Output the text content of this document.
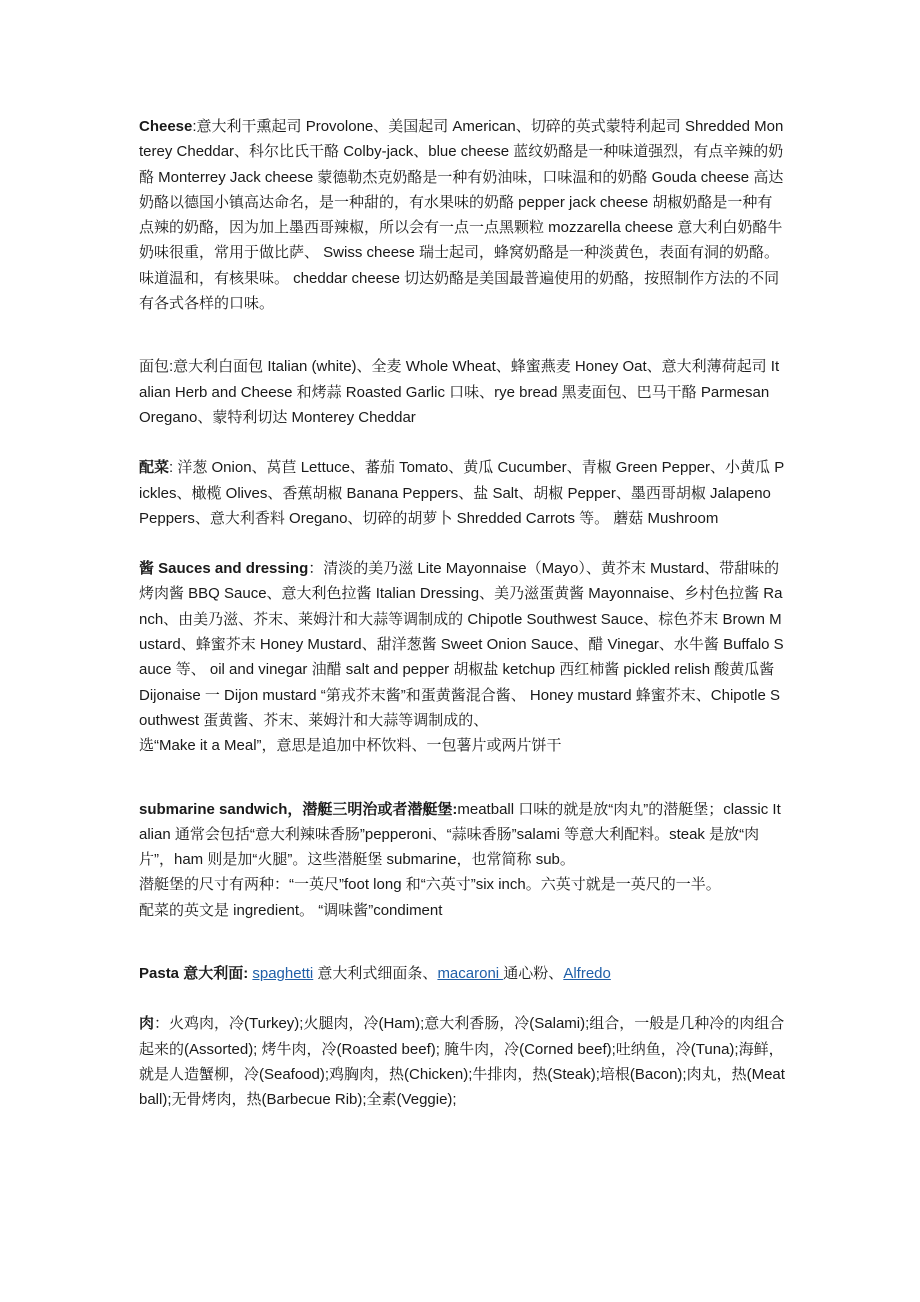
Cheese:意大利干熏起司 Provolone、美国起司 American、切碎的英式蒙特利起司 Shredded Monterey Cheddar、科尔比氏干酪 Colby-jack、blue cheese 蓝纹奶酪是一种味道强烈，有点辛辣的奶酪 Monterrey Jack cheese 蒙德勒杰克奶酪是一种有奶油味，口味温和的奶酪 Gouda cheese 高达奶酪以德国小镇高达命名，是一种甜的，有水果味的奶酪 pepper jack cheese 胡椒奶酪是一种有点辣的奶酪，因为加上墨西哥辣椒，所以会有一点一点黑颗粒 mozzarella cheese 意大利白奶酪牛奶味很重，常用于做比萨、 Swiss cheese 瑞士起司，蜂窝奶酪是一种淡黄色，表面有洞的奶酪。味道温和，有核果味。 cheddar cheese 切达奶酪是美国最普遍使用的奶酪，按照制作方法的不同有各式各样的口味。

面包:意大利白面包 Italian (white)、全麦 Whole Wheat、蜂蜜燕麦 Honey Oat、意大利薄荷起司 Italian Herb and Cheese 和烤蒜 Roasted Garlic 口味、rye bread 黑麦面包、巴马干酪 Parmesan Oregano、蒙特利切达 Monterey Cheddar

配菜: 洋葱 Onion、莴苣 Lettuce、蕃茄 Tomato、黄瓜 Cucumber、青椒 Green Pepper、小黄瓜 Pickles、橄榄 Olives、香蕉胡椒 Banana Peppers、盐 Salt、胡椒 Pepper、墨西哥胡椒 Jalapeno Peppers、意大利香料 Oregano、切碎的胡萝卜 Shredded Carrots 等。 蘑菇 Mushroom

酱 Sauces and dressing：清淡的美乃滋 Lite Mayonnaise（Mayo）、黄芥末 Mustard、带甜味的烤肉酱 BBQ Sauce、意大利色拉酱 Italian Dressing、美乃滋蛋黄酱 Mayonnaise、乡村色拉酱 Ranch、由美乃滋、芥末、莱姆汁和大蒜等调制成的 Chipotle Southwest Sauce、棕色芥末 Brown Mustard、蜂蜜芥末 Honey Mustard、甜洋葱酱 Sweet Onion Sauce、醋 Vinegar、水牛酱 Buffalo Sauce 等、 oil and vinegar 油醋 salt and pepper 胡椒盐 ketchup 西红柿酱 pickled relish 酸黄瓜酱 Dijonaise 一 Dijon mustard “第戎芥末酱”和蛋黄酱混合酱、 Honey mustard 蜂蜜芥末、Chipotle Southwest 蛋黄酱、芥末、莱姆汁和大蒜等调制成的、

选“Make it a Meal”，意思是追加中杯饮料、一包薯片或两片饼干

submarine sandwich，潜艇三明治或者潜艇堡:meatball 口味的就是放“肉丸”的潜艇堡；classic Italian 通常会包括“意大利辣味香肠”pepperoni、“蒜味香肠”salami 等意大利配料。steak 是放“肉片”，ham 则是加“火腿”。这些潜艇堡 submarine，也常简称 sub。

潜艇堡的尺寸有两种：“一英尺”foot long 和“六英寸”six inch。六英寸就是一英尺的一半。

配菜的英文是 ingredient。 “调味酱”condiment

Pasta 意大利面: spaghetti 意大利式细面条、macaroni 通心粉、Alfredo

肉：火鸡肉，冷(Turkey);火腿肉，冷(Ham);意大利香肠，冷(Salami);组合，一般是几种冷的肉组合起来的(Assorted); 烤牛肉，冷(Roasted beef); 腌牛肉，冷(Corned beef);吐纳鱼，冷(Tuna);海鲜，就是人造蟹柳，冷(Seafood);鸡胸肉，热(Chicken);牛排肉，热(Steak);培根(Bacon);肉丸，热(Meat ball);无骨烤肉，热(Barbecue Rib);全素(Veggie);
